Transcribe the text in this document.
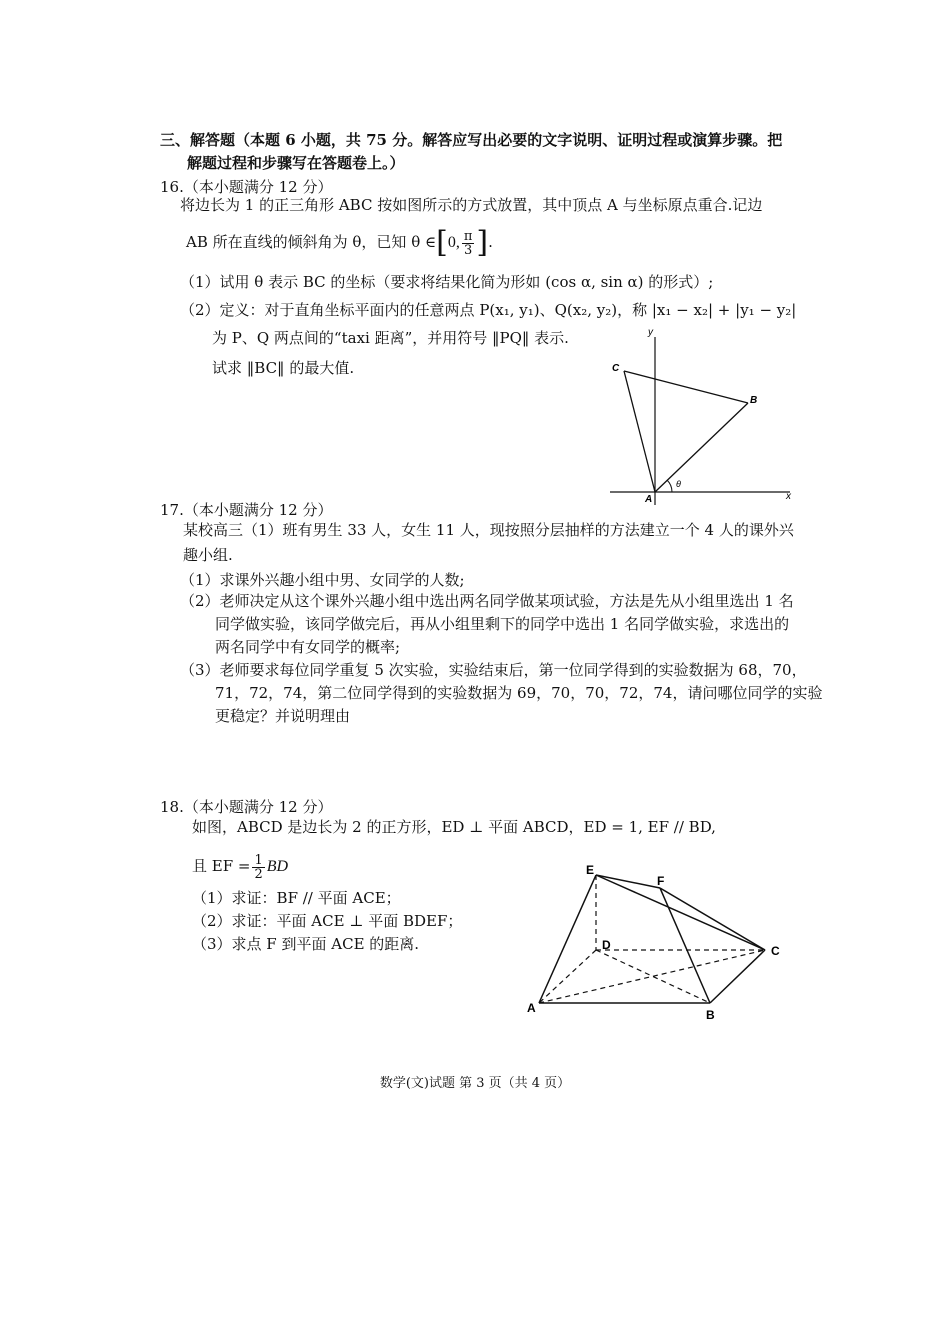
三、解答题（本题 6 小题，共 75 分。解答应写出必要的文字说明、证明过程或演算步骤。把
解题过程和步骤写在答题卷上。）
16.（本小题满分 12 分）
将边长为 1 的正三角形 ABC 按如图所示的方式放置，其中顶点 A 与坐标原点重合.记边
AB 所在直线的倾斜角为 θ，已知 θ ∈[0, $\frac{\pi}{3}$ ].
（1）试用 θ 表示 BC 的坐标（要求将结果化简为形如 (cos α, sin α) 的形式）;
（2）定义：对于直角坐标平面内的任意两点 P(x₁, y₁)、Q(x₂, y₂)，称 |x₁ − x₂| + |y₁ − y₂|
为 P、Q 两点间的“taxi 距离”，并用符号 ‖PQ‖ 表示.
试求 ‖BC‖ 的最大值.
y
x
A
B
C
θ
17.（本小题满分 12 分）
某校高三（1）班有男生 33 人，女生 11 人，现按照分层抽样的方法建立一个 4 人的课外兴
趣小组.
（1）求课外兴趣小组中男、女同学的人数;
（2）老师决定从这个课外兴趣小组中选出两名同学做某项试验，方法是先从小组里选出 1 名
同学做实验，该同学做完后，再从小组里剩下的同学中选出 1 名同学做实验，求选出的
两名同学中有女同学的概率;
（3）老师要求每位同学重复 5 次实验，实验结束后，第一位同学得到的实验数据为 68，70，
71，72，74，第二位同学得到的实验数据为 69，70，70，72，74，请问哪位同学的实验
更稳定？并说明理由
18.（本小题满分 12 分）
如图，ABCD 是边长为 2 的正方形，ED ⊥ 平面 ABCD，ED = 1, EF // BD,
且 EF = $\frac{1}{2}$ BD
（1）求证：BF // 平面 ACE；
（2）求证：平面 ACE ⊥ 平面 BDEF；
（3）求点 F 到平面 ACE 的距离.
E
F
D	C
A	B
数学(文)试题 第 3 页（共 4 页）
